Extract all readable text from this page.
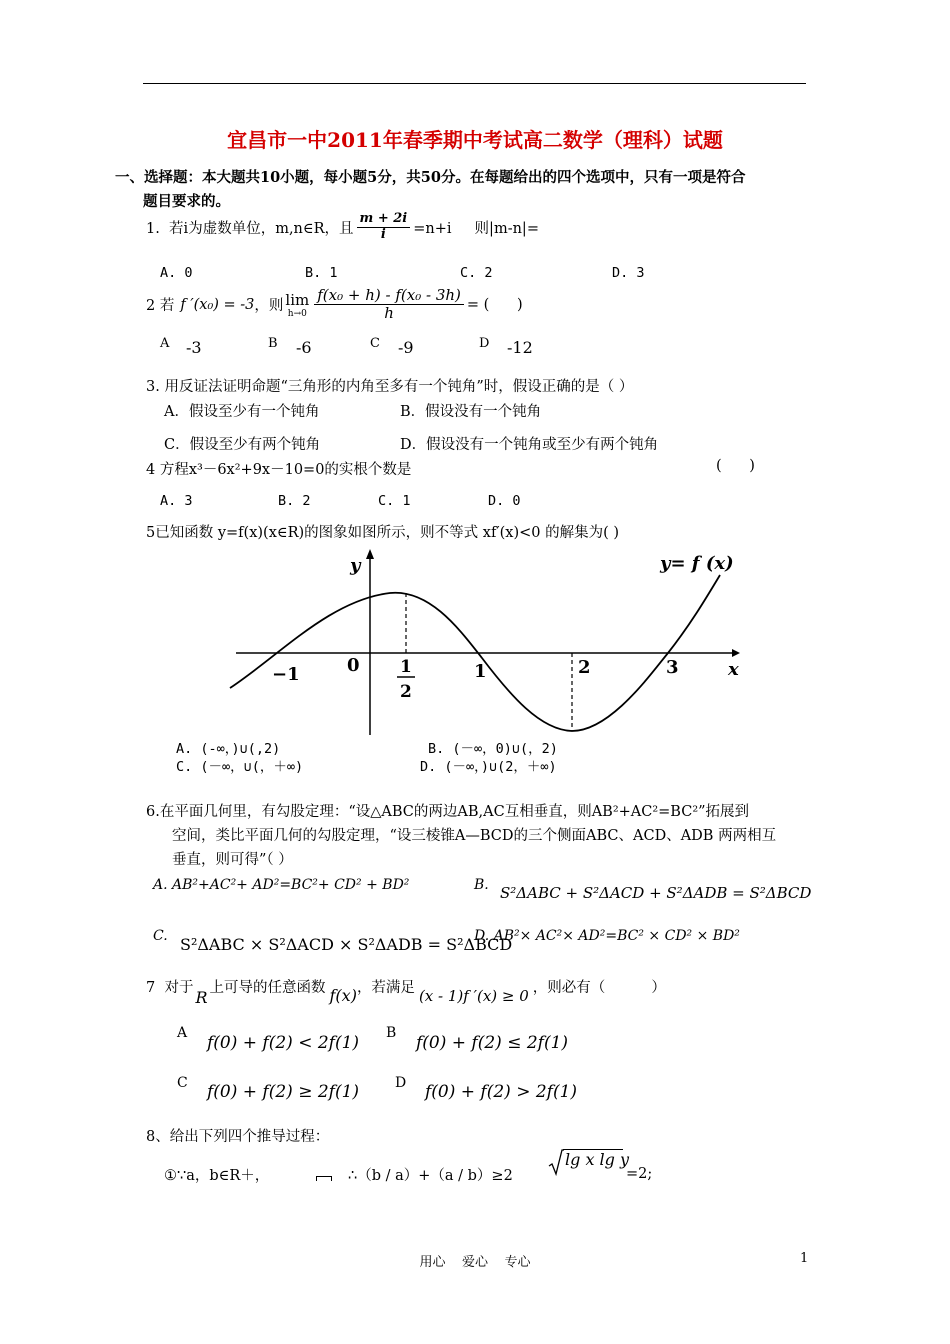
宜昌市一中2011年春季期中考试高二数学（理科）试题
一、选择题：本大题共10小题，每小题5分，共50分。在每题给出的四个选项中，只有一项是符合
题目要求的。
1.  若i为虚数单位，m,n∈R，且 $\frac{m + 2i}{i} =n+i$     则|m-n|=
A. 0	B. 1	C. 2	D. 3
2 若 f ′(x₀) = -3 ，则 lim
$h\to 0 \frac{\text{f(x₀ + h) - f(x₀ - 3h)}}{h}$ = (      )
A -3	B -6	C -9	D -12
3. 用反证法证明命题“三角形的内角至多有一个钝角”时，假设正确的是（ ）
A．假设至少有一个钝角	B．假设没有一个钝角
C．假设至少有两个钝角	D．假设没有一个钝角或至少有两个钝角
4 方程x³－6x²+9x－10=0的实根个数是	(      )
A. 3	B. 2	C. 1	D. 0
5已知函数 y=f(x)(x∈R)的图象如图所示，则不等式 xf′(x)<0 的解集为( )
y
x
y= f (x)
−1	0	1	2
1
2
3
A. (-∞，)∪(,2)	B. (－∞，0)∪(，2)
C. (－∞，∪(，＋∞)	D. (－∞，)∪(2，＋∞)
6.在平面几何里，有勾股定理：“设△ABC的两边AB,AC互相垂直，则AB²+AC²=BC²”拓展到
空间，类比平面几何的勾股定理，“设三棱锥A—BCD的三个侧面ABC、ACD、ADB 两两相互
垂直，则可得”（ ）
A. AB²+AC²+ AD²=BC²+ CD² + BD²	B. S²ΔABC + S²ΔACD + S²ΔADB = S²ΔBCD
C. S²ΔABC × S²ΔACD × S²ΔADB = S²ΔBCD
D. AB²× AC²× AD²=BC² × CD² × BD²
7  对于 R 上可导的任意函数 f(x) ，若满足 (x - 1)f ′(x) ≥ 0 ，则必有（          ）
A f(0) + f(2) < 2f(1) B f(0) + f(2) ≤ 2f(1)
C f(0) + f(2) ≥ 2f(1)	D f(0) + f(2) > 2f(1)
8、给出下列四个推导过程：
①∵a，b∈R＋，	∴（b / a）+（a / b）≥2
lg x lg y
=2;
用心    爱心    专心	1
